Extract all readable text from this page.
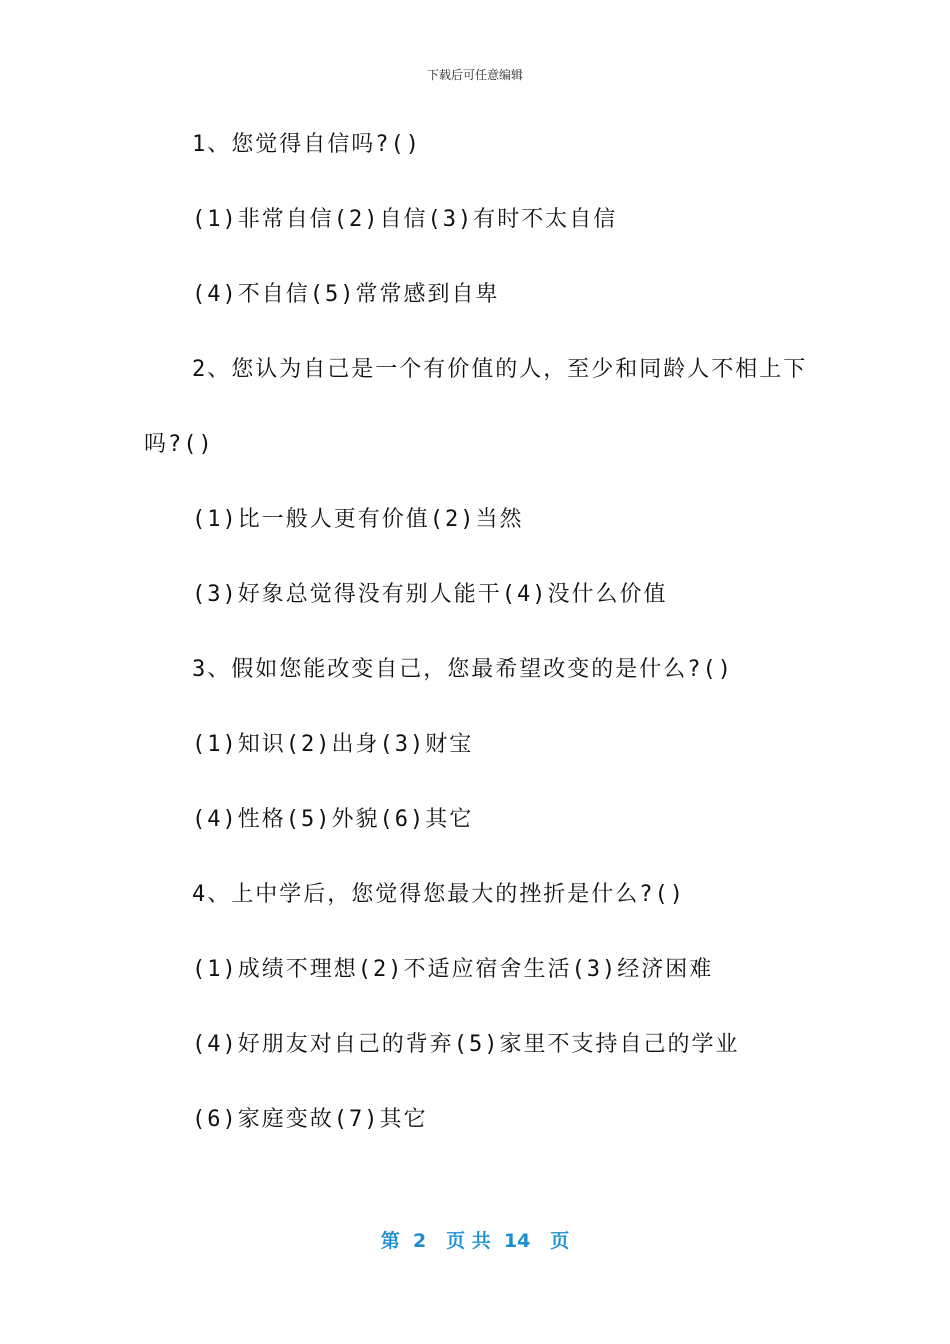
下载后可任意编辑
1、您觉得自信吗?()
(1)非常自信(2)自信(3)有时不太自信
(4)不自信(5)常常感到自卑
2、您认为自己是一个有价值的人，至少和同龄人不相上下
吗?()
(1)比一般人更有价值(2)当然
(3)好象总觉得没有别人能干(4)没什么价值
3、假如您能改变自己，您最希望改变的是什么?()
(1)知识(2)出身(3)财宝
(4)性格(5)外貌(6)其它
4、上中学后，您觉得您最大的挫折是什么?()
(1)成绩不理想(2)不适应宿舍生活(3)经济困难
(4)好朋友对自己的背弃(5)家里不支持自己的学业
(6)家庭变故(7)其它
第  2   页 共  14   页
